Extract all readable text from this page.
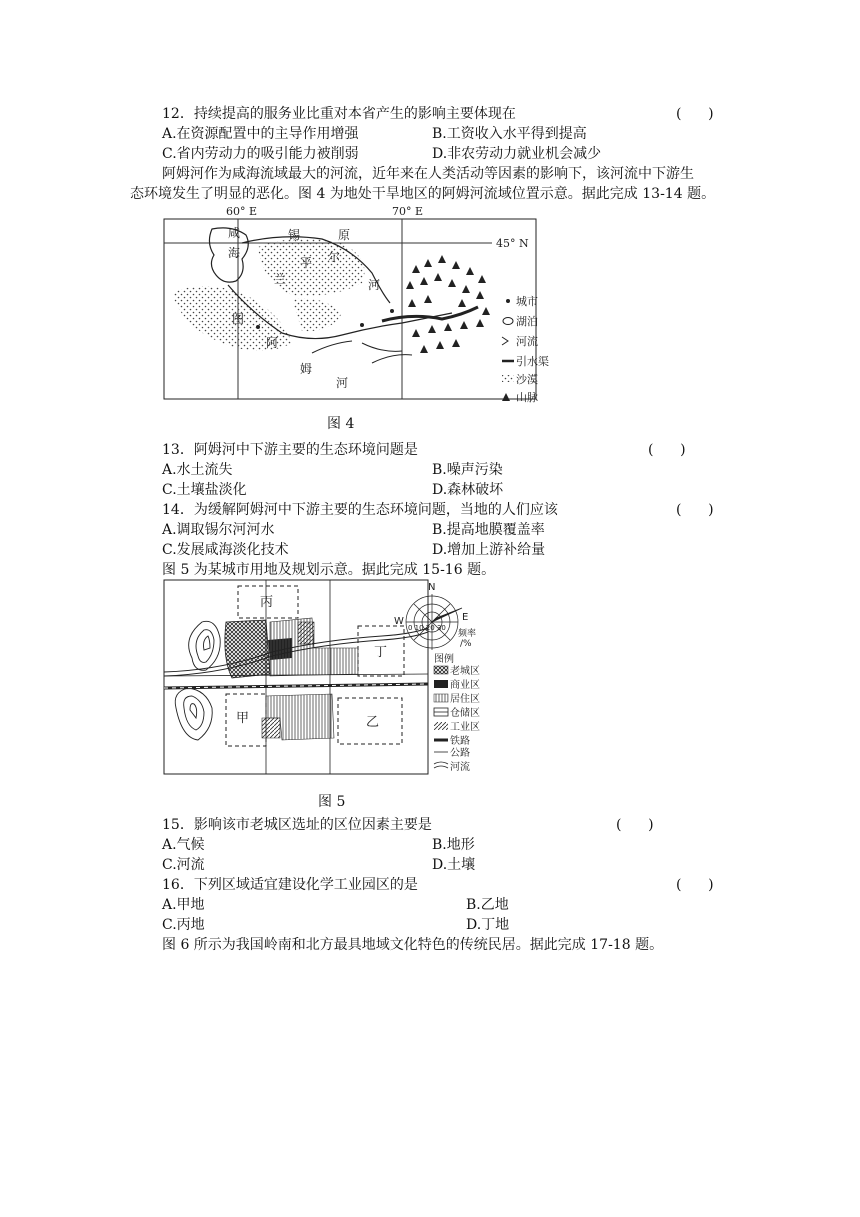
12．持续提高的服务业比重对本省产生的影响主要体现在	(      )
A.在资源配置中的主导作用增强	B.工资收入水平得到提高
C.省内劳动力的吸引能力被削弱	D.非农劳动力就业机会减少
阿姆河作为咸海流域最大的河流，近年来在人类活动等因素的影响下，该河流中下游生
态环境发生了明显的恶化。图 4 为地处干旱地区的阿姆河流域位置示意。据此完成 13-14 题。
60° E	70° E
45° N
咸
海
锡	原
尔
平
兰	河
图
阿
姆
河
城市
湖泊
河流
引水渠
沙漠
山脉
图 4
13．阿姆河中下游主要的生态环境问题是	(      )
A.水土流失	B.噪声污染
C.土壤盐淡化	D.森林破坏
14．为缓解阿姆河中下游主要的生态环境问题，当地的人们应该	(      )
A.调取锡尔河河水	B.提高地膜覆盖率
C.发展咸海淡化技术	D.增加上游补给量
图 5 为某城市用地及规划示意。据此完成 15-16 题。
丙
丁
甲	乙
N
W	E
0 10 20 30
频率
/%
图例
老城区
商业区
居住区
仓储区
工业区
铁路
公路
河流
图 5
15．影响该市老城区选址的区位因素主要是	(      )
A.气候	B.地形
C.河流	D.土壤
16．下列区域适宜建设化学工业园区的是	(      )
A.甲地	B.乙地
C.丙地	D.丁地
图 6 所示为我国岭南和北方最具地域文化特色的传统民居。据此完成 17-18 题。
